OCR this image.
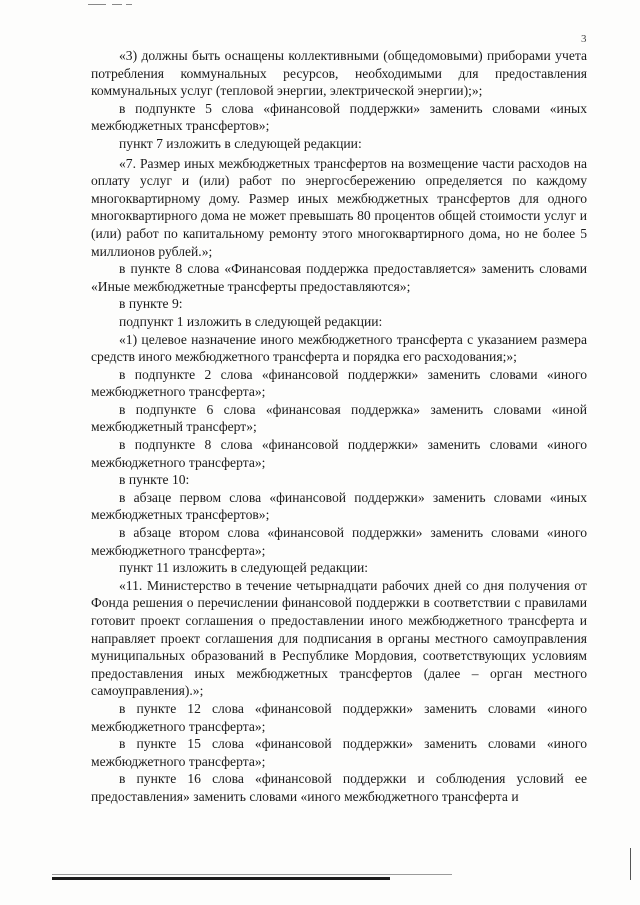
3

«3) должны быть оснащены коллективными (общедомовыми) приборами учета потребления коммунальных ресурсов, необходимыми для предоставления коммунальных услуг (тепловой энергии, электрической энергии);»;

в подпункте 5 слова «финансовой поддержки» заменить словами «иных межбюджетных трансфертов»;

пункт 7 изложить в следующей редакции:

«7. Размер иных межбюджетных трансфертов на возмещение части расходов на оплату услуг и (или) работ по энергосбережению определяется по каждому многоквартирному дому. Размер иных межбюджетных трансфертов для одного многоквартирного дома не может превышать 80 процентов общей стоимости услуг и (или) работ по капитальному ремонту этого многоквартирного дома, но не более 5 миллионов рублей.»;

в пункте 8 слова «Финансовая поддержка предоставляется» заменить словами «Иные межбюджетные трансферты предоставляются»;

в пункте 9:

подпункт 1 изложить в следующей редакции:

«1) целевое назначение иного межбюджетного трансферта с указанием размера средств иного межбюджетного трансферта и порядка его расходования;»;

в подпункте 2 слова «финансовой поддержки» заменить словами «иного межбюджетного трансферта»;

в подпункте 6 слова «финансовая поддержка» заменить словами «иной межбюджетный трансферт»;

в подпункте 8 слова «финансовой поддержки» заменить словами «иного межбюджетного трансферта»;

в пункте 10:

в абзаце первом слова «финансовой поддержки» заменить словами «иных межбюджетных трансфертов»;

в абзаце втором слова «финансовой поддержки» заменить словами «иного межбюджетного трансферта»;

пункт 11 изложить в следующей редакции:

«11. Министерство в течение четырнадцати рабочих дней со дня получения от Фонда решения о перечислении финансовой поддержки в соответствии с правилами готовит проект соглашения о предоставлении иного межбюджетного трансферта и направляет проект соглашения для подписания в органы местного самоуправления муниципальных образований в Республике Мордовия, соответствующих условиям предоставления иных межбюджетных трансфертов (далее – орган местного самоуправления).»;

в пункте 12 слова «финансовой поддержки» заменить словами «иного межбюджетного трансферта»;

в пункте 15 слова «финансовой поддержки» заменить словами «иного межбюджетного трансферта»;

в пункте 16 слова «финансовой поддержки и соблюдения условий ее предоставления» заменить словами «иного межбюджетного трансферта и
